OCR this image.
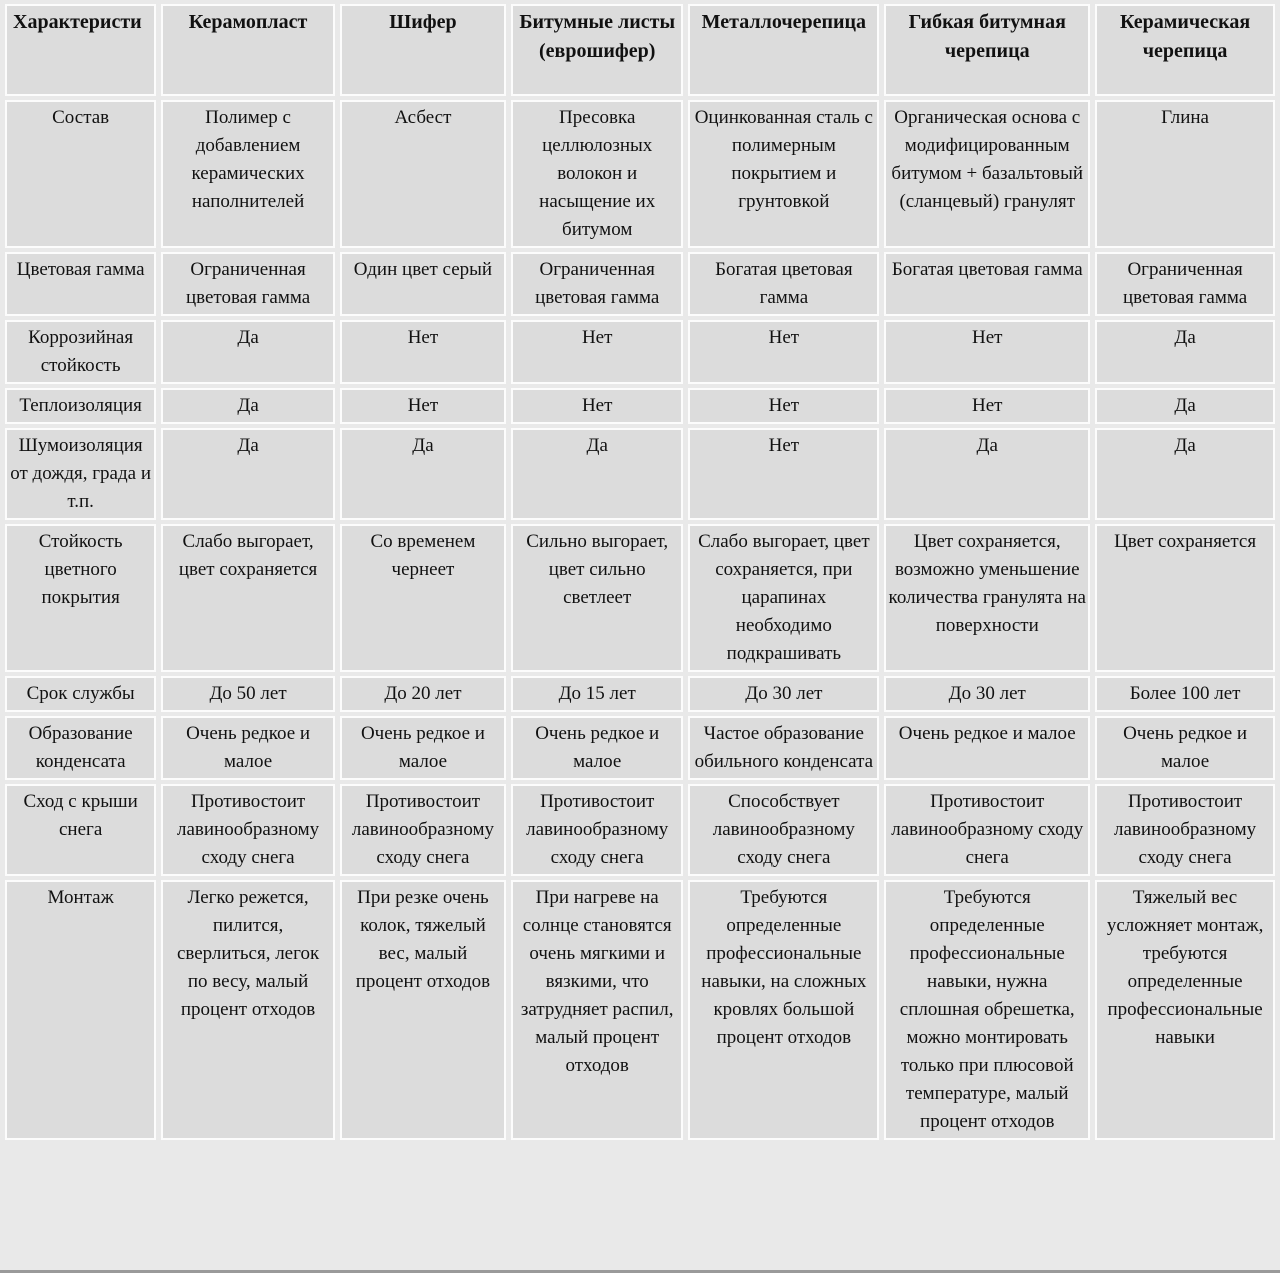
Характеристи	Керамопласт	Шифер	Битумные листы (еврошифер)	Металлочерепица	Гибкая битумная черепица	Керамическая черепица
Состав	Полимер с добавлением керамических наполнителей	Асбест	Пресовка целлюлозных волокон и насыщение их битумом	Оцинкованная сталь с полимерным покрытием и грунтовкой	Органическая основа с модифицированным битумом + базальтовый (сланцевый) гранулят	Глина
Цветовая гамма	Ограниченная цветовая гамма	Один цвет серый	Ограниченная цветовая гамма	Богатая цветовая гамма	Богатая цветовая гамма	Ограниченная цветовая гамма
Коррозийная стойкость	Да	Нет	Нет	Нет	Нет	Да
Теплоизоляция	Да	Нет	Нет	Нет	Нет	Да
Шумоизоляция от дождя, града и т.п.	Да	Да	Да	Нет	Да	Да
Стойкость цветного покрытия	Слабо выгорает, цвет сохраняется	Со временем чернеет	Сильно выгорает, цвет сильно светлеет	Слабо выгорает, цвет сохраняется, при царапинах необходимо подкрашивать	Цвет сохраняется, возможно уменьшение количества гранулята на поверхности	Цвет сохраняется
Срок службы	До 50 лет	До 20 лет	До 15 лет	До 30 лет	До 30 лет	Более 100 лет
Образование конденсата	Очень редкое и малое	Очень редкое и малое	Очень редкое и малое	Частое образование обильного конденсата	Очень редкое и малое	Очень редкое и малое
Сход с крыши снега	Противостоит лавинообразному сходу снега	Противостоит лавинообразному сходу снега	Противостоит лавинообразному сходу снега	Способствует лавинообразному сходу снега	Противостоит лавинообразному сходу снега	Противостоит лавинообразному сходу снега
Монтаж	Легко режется, пилится, сверлиться, легок по весу, малый процент отходов	При резке очень колок, тяжелый вес, малый процент отходов	При нагреве на солнце становятся очень мягкими и вязкими, что затрудняет распил, малый процент отходов	Требуются определенные профессиональные навыки, на сложных кровлях большой процент отходов	Требуются определенные профессиональные навыки, нужна сплошная обрешетка, можно монтировать только при плюсовой температуре, малый процент отходов	Тяжелый вес усложняет монтаж, требуются определенные профессиональные навыки
